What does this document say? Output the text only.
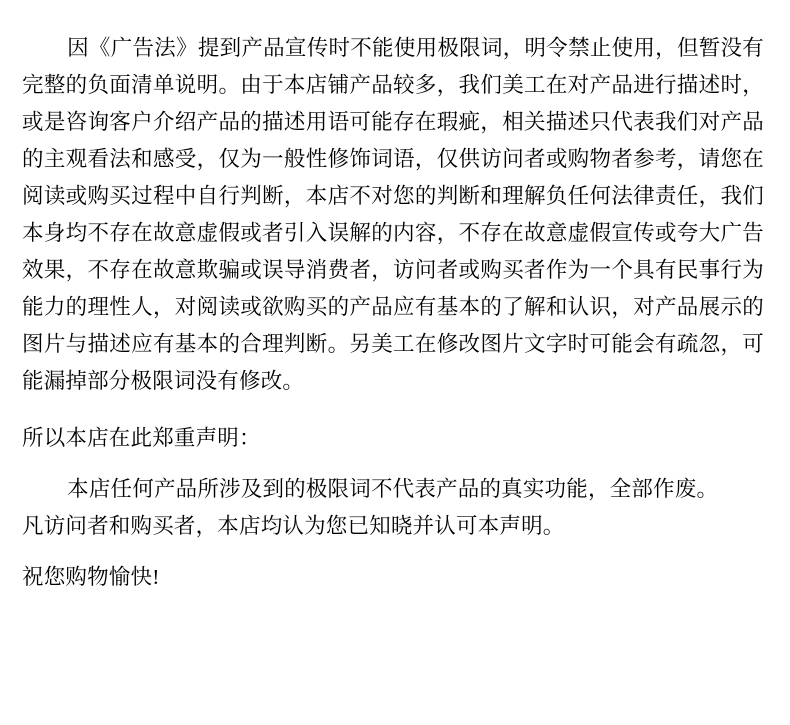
因《广告法》提到产品宣传时不能使用极限词，明令禁止使用，但暂没有完整的负面清单说明。由于本店铺产品较多，我们美工在对产品进行描述时，或是咨询客户介绍产品的描述用语可能存在瑕疵，相关描述只代表我们对产品的主观看法和感受，仅为一般性修饰词语，仅供访问者或购物者参考，请您在阅读或购买过程中自行判断，本店不对您的判断和理解负任何法律责任，我们本身均不存在故意虚假或者引入误解的内容，不存在故意虚假宣传或夸大广告效果，不存在故意欺骗或误导消费者，访问者或购买者作为一个具有民事行为能力的理性人，对阅读或欲购买的产品应有基本的了解和认识，对产品展示的图片与描述应有基本的合理判断。另美工在修改图片文字时可能会有疏忽，可能漏掉部分极限词没有修改。

所以本店在此郑重声明：

本店任何产品所涉及到的极限词不代表产品的真实功能，全部作废。

凡访问者和购买者，本店均认为您已知晓并认可本声明。

祝您购物愉快!
